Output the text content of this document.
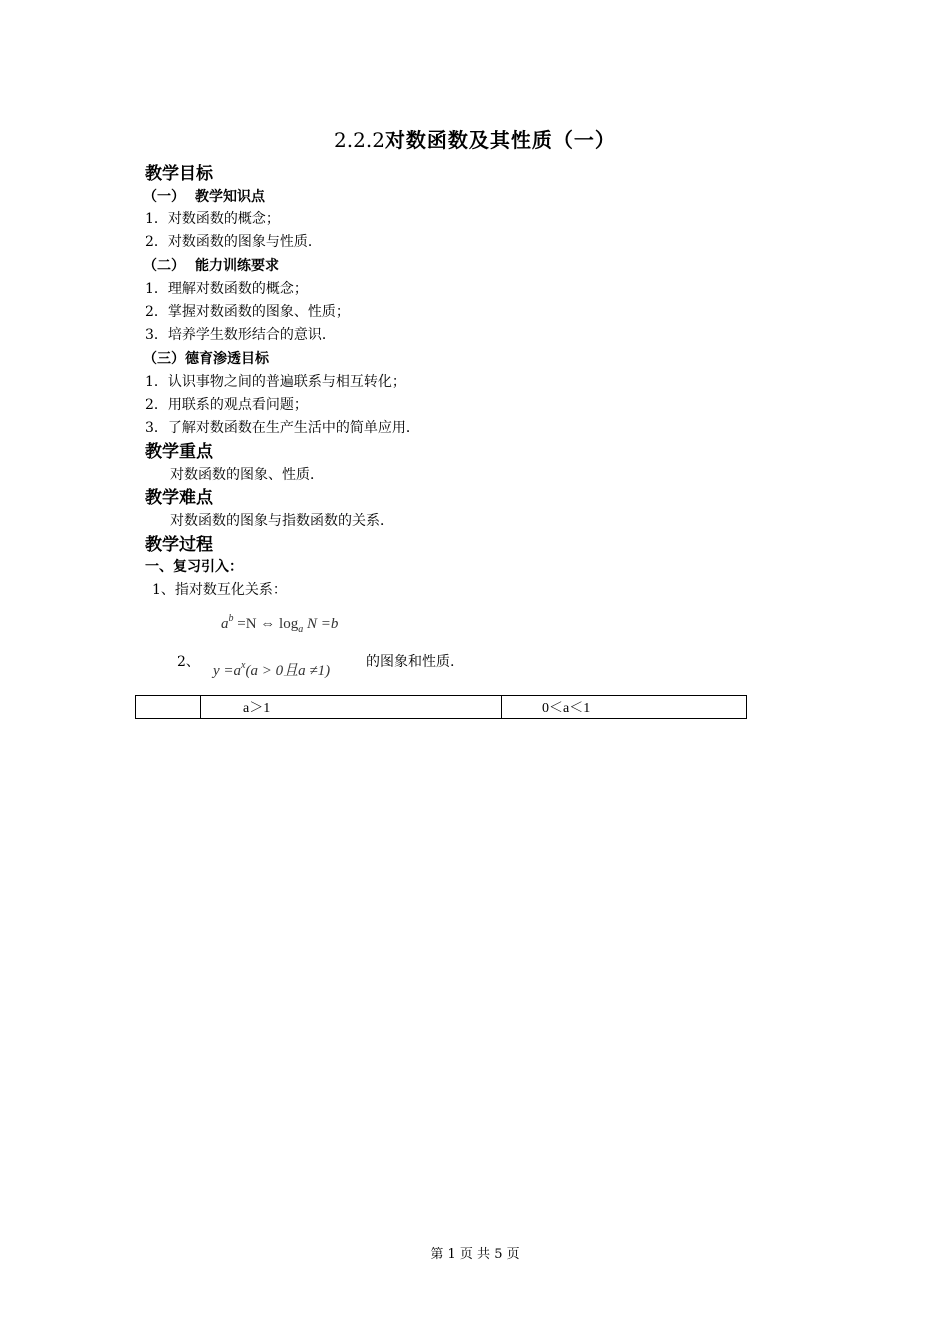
2.2.2对数函数及其性质（一）
教学目标
（一） 教学知识点
1．对数函数的概念；
2．对数函数的图象与性质．
（二） 能力训练要求
1．理解对数函数的概念；
2．掌握对数函数的图象、性质；
3．培养学生数形结合的意识．
（三）德育渗透目标
1．认识事物之间的普遍联系与相互转化；
2．用联系的观点看问题；
3．了解对数函数在生产生活中的简单应用．
教学重点
对数函数的图象、性质．
教学难点
对数函数的图象与指数函数的关系．
教学过程
一、复习引入：
1、指对数互化关系：
$a^b =N$ ⇔ $\log_a N =b$
2、
$y =a^x(a > 0$且a ≠1)
的图象和性质.
	a＞1	0＜a＜1
第 1 页 共 5 页
